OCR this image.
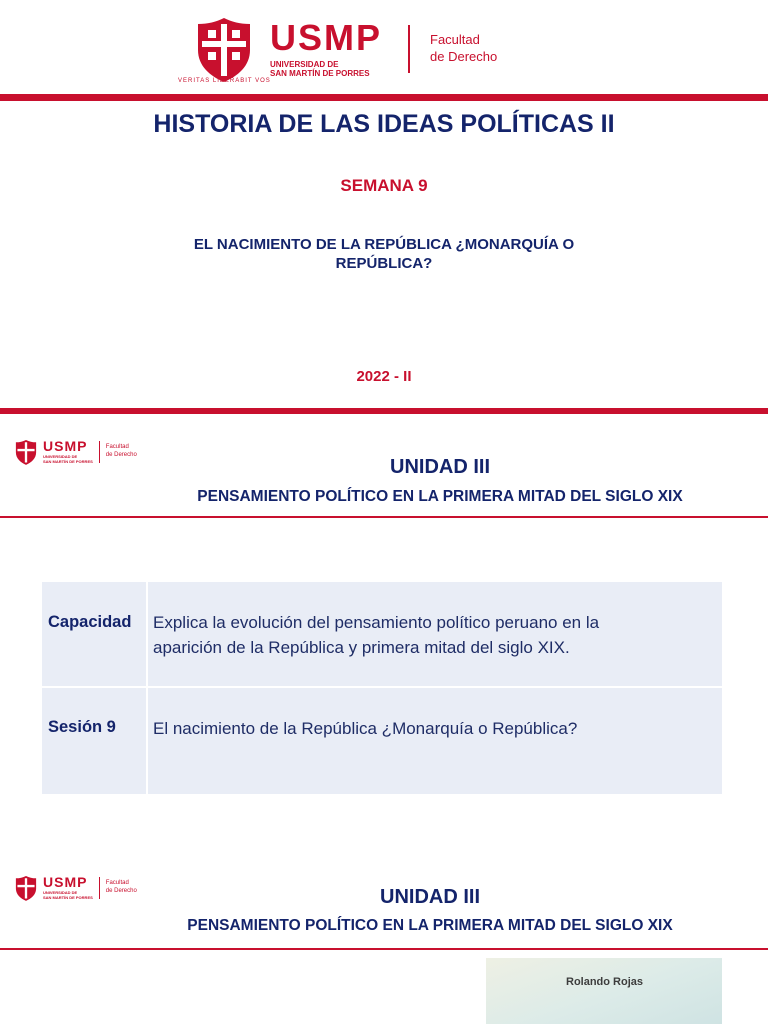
USMP
UNIVERSIDAD DE
SAN MARTÍN DE PORRES
Facultad
de Derecho
VERITAS LIBERABIT VOS
HISTORIA DE LAS IDEAS POLÍTICAS II
SEMANA 9
EL NACIMIENTO DE LA REPÚBLICA ¿MONARQUÍA O
REPÚBLICA?
2022 - II
USMP
UNIVERSIDAD DE
SAN MARTÍN DE PORRES
Facultad
de Derecho
UNIDAD III
PENSAMIENTO POLÍTICO EN LA PRIMERA MITAD DEL SIGLO XIX
Capacidad	Explica la evolución del pensamiento político peruano en la
aparición de la República y primera mitad del siglo XIX.
Sesión 9	El nacimiento de la República ¿Monarquía o República?
USMP
UNIVERSIDAD DE
SAN MARTÍN DE PORRES
Facultad
de Derecho	UNIDAD III
PENSAMIENTO POLÍTICO EN LA PRIMERA MITAD DEL SIGLO XIX
Rolando Rojas
